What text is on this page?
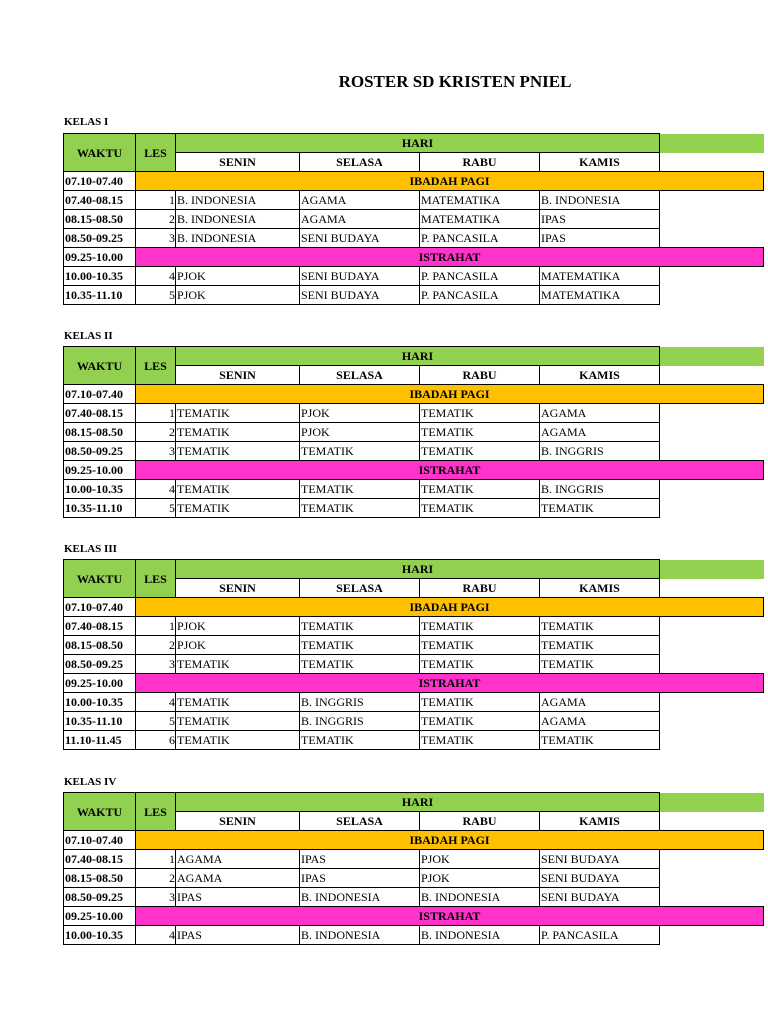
ROSTER SD KRISTEN PNIEL
KELAS I
WAKTU	LES	HARI				
		SENIN	SELASA	RABU	KAMIS	
07.10-07.40	IBADAH PAGI					
07.40-08.15	1	B. INDONESIA	AGAMA	MATEMATIKA	B. INDONESIA	
08.15-08.50	2	B. INDONESIA	AGAMA	MATEMATIKA	IPAS	
08.50-09.25	3	B. INDONESIA	SENI BUDAYA	P. PANCASILA	IPAS	
09.25-10.00	ISTRAHAT					
10.00-10.35	4	PJOK	SENI BUDAYA	P. PANCASILA	MATEMATIKA	
10.35-11.10	5	PJOK	SENI BUDAYA	P. PANCASILA	MATEMATIKA	
KELAS II
WAKTU	LES	HARI				
		SENIN	SELASA	RABU	KAMIS	
07.10-07.40	IBADAH PAGI					
07.40-08.15	1	TEMATIK	PJOK	TEMATIK	AGAMA	
08.15-08.50	2	TEMATIK	PJOK	TEMATIK	AGAMA	
08.50-09.25	3	TEMATIK	TEMATIK	TEMATIK	B. INGGRIS	
09.25-10.00	ISTRAHAT					
10.00-10.35	4	TEMATIK	TEMATIK	TEMATIK	B. INGGRIS	
10.35-11.10	5	TEMATIK	TEMATIK	TEMATIK	TEMATIK	
KELAS III
WAKTU	LES	HARI				
		SENIN	SELASA	RABU	KAMIS	
07.10-07.40	IBADAH PAGI					
07.40-08.15	1	PJOK	TEMATIK	TEMATIK	TEMATIK	
08.15-08.50	2	PJOK	TEMATIK	TEMATIK	TEMATIK	
08.50-09.25	3	TEMATIK	TEMATIK	TEMATIK	TEMATIK	
09.25-10.00	ISTRAHAT					
10.00-10.35	4	TEMATIK	B. INGGRIS	TEMATIK	AGAMA	
10.35-11.10	5	TEMATIK	B. INGGRIS	TEMATIK	AGAMA	
11.10-11.45	6	TEMATIK	TEMATIK	TEMATIK	TEMATIK	
KELAS IV
WAKTU	LES	HARI				
		SENIN	SELASA	RABU	KAMIS	
07.10-07.40	IBADAH PAGI					
07.40-08.15	1	AGAMA	IPAS	PJOK	SENI BUDAYA	
08.15-08.50	2	AGAMA	IPAS	PJOK	SENI BUDAYA	
08.50-09.25	3	IPAS	B. INDONESIA	B. INDONESIA	SENI BUDAYA	
09.25-10.00	ISTRAHAT					
10.00-10.35	4	IPAS	B. INDONESIA	B. INDONESIA	P. PANCASILA	
